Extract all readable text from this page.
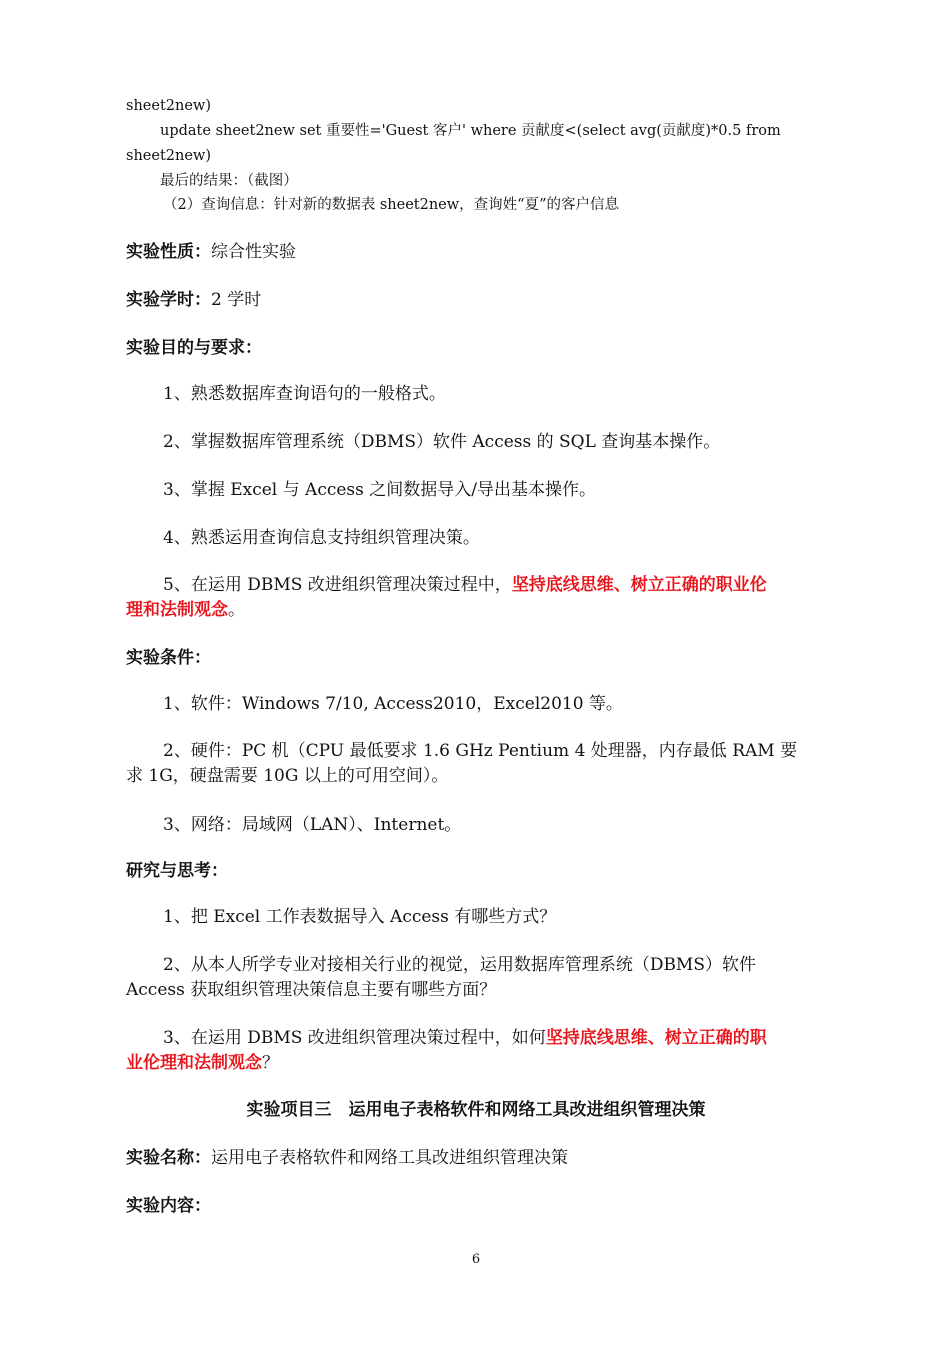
sheet2new)
update sheet2new set 重要性='Guest 客户' where 贡献度<(select avg(贡献度)*0.5 from
sheet2new)
最后的结果：（截图）
（2）查询信息：针对新的数据表 sheet2new，查询姓“夏”的客户信息
实验性质：综合性实验
实验学时：2 学时
实验目的与要求：
1、熟悉数据库查询语句的一般格式。
2、掌握数据库管理系统（DBMS）软件 Access 的 SQL 查询基本操作。
3、掌握 Excel 与 Access 之间数据导入/导出基本操作。
4、熟悉运用查询信息支持组织管理决策。
5、在运用 DBMS 改进组织管理决策过程中，坚持底线思维、树立正确的职业伦
理和法制观念。
实验条件：
1、软件：Windows 7/10, Access2010，Excel2010 等。
2、硬件：PC 机（CPU 最低要求 1.6 GHz Pentium 4 处理器，内存最低 RAM 要
求 1G，硬盘需要 10G 以上的可用空间）。
3、网络：局域网（LAN）、Internet。
研究与思考：
1、把 Excel 工作表数据导入 Access 有哪些方式？
2、从本人所学专业对接相关行业的视觉，运用数据库管理系统（DBMS）软件
Access 获取组织管理决策信息主要有哪些方面？
3、在运用 DBMS 改进组织管理决策过程中，如何坚持底线思维、树立正确的职
业伦理和法制观念？
实验项目三　运用电子表格软件和网络工具改进组织管理决策
实验名称：运用电子表格软件和网络工具改进组织管理决策
实验内容：
6
